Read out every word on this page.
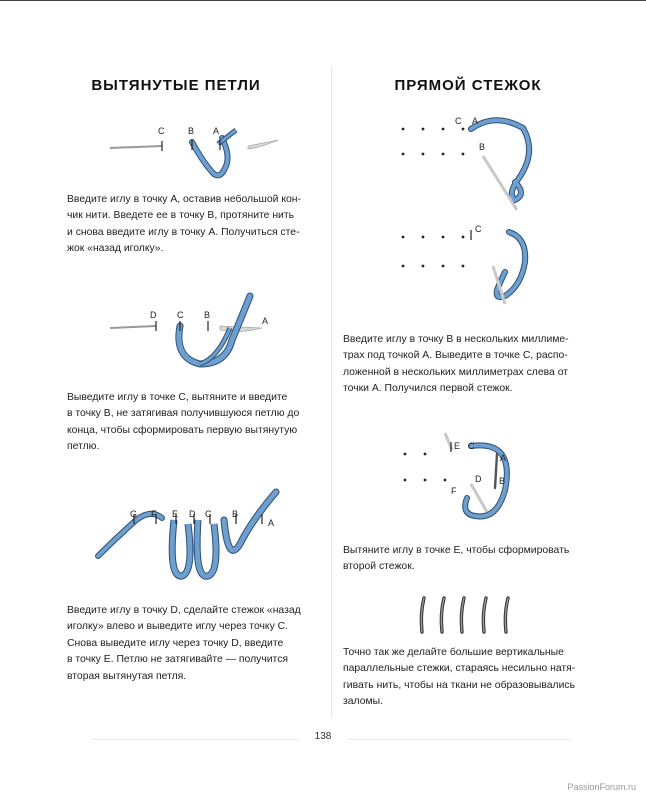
ВЫТЯНУТЫЕ ПЕТЛИ
C	B A

Введите иглу в точку А, оставив небольшой кон-
чик нити. Введете ее в точку В, протяните нить
и снова введите иглу в точку А. Получиться сте-
жок «назад иголку».

D C B
A

Выведите иглу в точке С, вытяните и введите
в точку В, не затягивая получившуюся петлю до
конца, чтобы сформировать первую вытянутую
петлю.

G F E D C B
A

Введите иглу в точку D, сделайте стежок «назад
иголку» влево и выведите иглу через точку С.
Снова выведите иглу через точку D, введите
в точку Е. Петлю не затягивайте — получится
вторая вытянутая петля.

ПРЯМОЙ СТЕЖОК
C A
B
C

Введите иглу в точку B в нескольких миллиме-
трах под точкой А. Выведите в точке С, распо-
ложенной в нескольких миллиметрах слева от
точки А. Получился первой стежок.

E C
A
D B
F

Вытяните иглу в точке Е, чтобы сформировать
второй стежок.

Точно так же делайте большие вертикальные
параллельные стежки, стараясь несильно натя-
гивать нить, чтобы на ткани не образовывались
заломы.

138
PassionForum.ru
